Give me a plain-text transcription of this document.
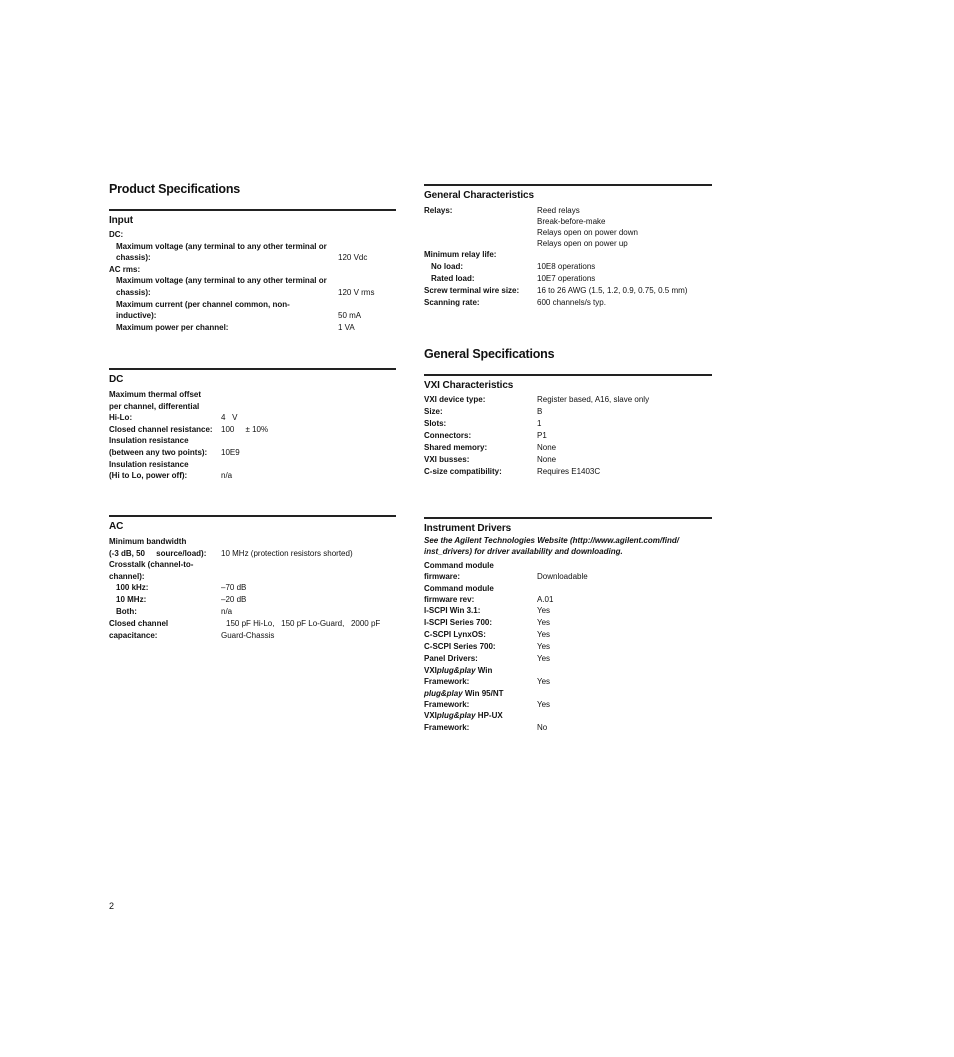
Product Specifications
Input
DC:
Maximum voltage (any terminal to any other terminal or
chassis):	120 Vdc
AC rms:
Maximum voltage (any terminal to any other terminal or
chassis):	120 V rms
Maximum current (per channel common, non-
inductive):	50 mA
Maximum power per channel:	1 VA
DC
Maximum thermal offset
per channel, differential
Hi-Lo:	4   V
Closed channel resistance:	100     ± 10%
Insulation resistance
(between any two points):	10E9
Insulation resistance
(Hi to Lo, power off):	n/a
AC
Minimum bandwidth
(-3 dB, 50     source/load):	10 MHz (protection resistors shorted)
Crosstalk (channel-to-
channel):
100 kHz:	–70 dB
10 MHz:	–20 dB
Both:	n/a
Closed channel	150 pF Hi-Lo,   150 pF Lo-Guard,   2000 pF
capacitance:	Guard-Chassis
General Characteristics
Relays:	Reed relays
Break-before-make
Relays open on power down
Relays open on power up
Minimum relay life:
No load:	10E8 operations
Rated load:	10E7 operations
Screw terminal wire size:	16 to 26 AWG (1.5, 1.2, 0.9, 0.75, 0.5 mm)
Scanning rate:	600 channels/s typ.
General Specifications
VXI Characteristics
VXI device type:	Register based, A16, slave only
Size:	B
Slots:	1
Connectors:	P1
Shared memory:	None
VXI busses:	None
C-size compatibility:	Requires E1403C
Instrument Drivers
See the Agilent Technologies Website (http://www.agilent.com/find/
inst_drivers) for driver availability and downloading.
Command module
firmware:	Downloadable
Command module
firmware rev:	A.01
I-SCPI Win 3.1:	Yes
I-SCPI Series 700:	Yes
C-SCPI LynxOS:	Yes
C-SCPI Series 700:	Yes
Panel Drivers:	Yes
VXIplug&play Win
Framework:	Yes
plug&play Win 95/NT
Framework:	Yes
VXIplug&play HP-UX
Framework:	No
2
